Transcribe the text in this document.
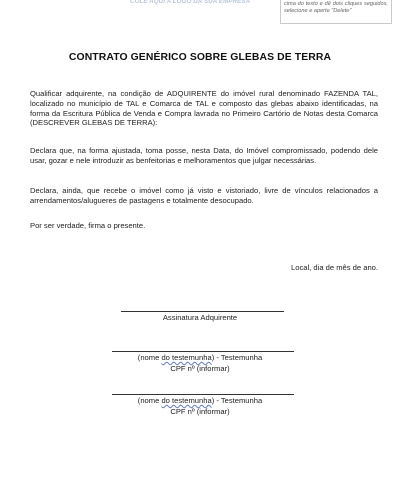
COLE AQUI A LOGO DA SUA EMPRESA	cima do texto e dê dois cliques seguidos, selecione e aperte "Delete"
CONTRATO GENÉRICO SOBRE GLEBAS DE TERRA

Qualificar adquirente, na condição de ADQUIRENTE do imóvel rural denominado FAZENDA TAL, localizado no município de TAL e Comarca de TAL e composto das glebas abaixo identificadas, na forma da Escritura Pública de Venda e Compra lavrada no Primeiro Cartório de Notas desta Comarca (DESCREVER GLEBAS DE TERRA):

Declara que, na forma ajustada, toma posse, nesta Data, do Imóvel compromissado, podendo dele usar, gozar e nele introduzir as benfeitorias e melhoramentos que julgar necessárias.

Declara, ainda, que recebe o imóvel como já visto e vistoriado, livre de vínculos relacionados a arrendamentos/alugueres de pastagens e totalmente desocupado.

Por ser verdade, firma o presente.

Local, dia de mês de ano.
Assinatura Adquirente
(nome do testemunha) - Testemunha
CPF nº (informar)
(nome do testemunha) - Testemunha
CPF nº (informar)
